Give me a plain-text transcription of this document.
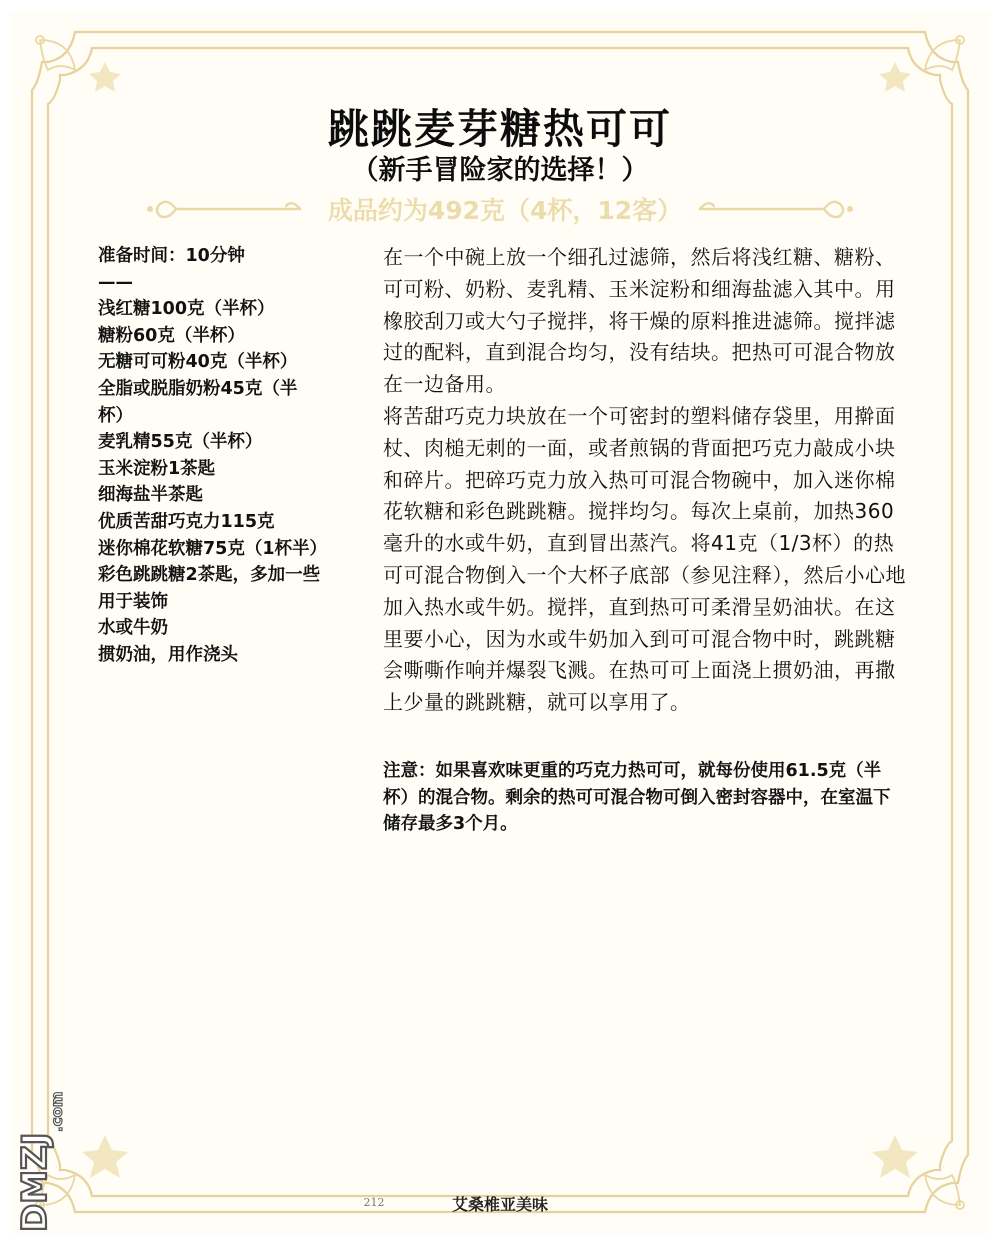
跳跳麦芽糖热可可
（新手冒险家的选择！）
成品约为492克（4杯，12客）
准备时间：10分钟
——
浅红糖100克（半杯）
糖粉60克（半杯）
无糖可可粉40克（半杯）
全脂或脱脂奶粉45克（半杯）
麦乳精55克（半杯）
玉米淀粉1茶匙
细海盐半茶匙
优质苦甜巧克力115克
迷你棉花软糖75克（1杯半）
彩色跳跳糖2茶匙，多加一些用于装饰
水或牛奶
掼奶油，用作浇头

在一个中碗上放一个细孔过滤筛，然后将浅红糖、糖粉、可可粉、奶粉、麦乳精、玉米淀粉和细海盐滤入其中。用橡胶刮刀或大勺子搅拌，将干燥的原料推进滤筛。搅拌滤过的配料，直到混合均匀，没有结块。把热可可混合物放在一边备用。

将苦甜巧克力块放在一个可密封的塑料储存袋里，用擀面杖、肉槌无刺的一面，或者煎锅的背面把巧克力敲成小块和碎片。把碎巧克力放入热可可混合物碗中，加入迷你棉花软糖和彩色跳跳糖。搅拌均匀。每次上桌前，加热360毫升的水或牛奶，直到冒出蒸汽。将41克（1/3杯）的热可可混合物倒入一个大杯子底部（参见注释），然后小心地加入热水或牛奶。搅拌，直到热可可柔滑呈奶油状。在这里要小心，因为水或牛奶加入到可可混合物中时，跳跳糖会嘶嘶作响并爆裂飞溅。在热可可上面浇上掼奶油，再撒上少量的跳跳糖，就可以享用了。

注意：如果喜欢味更重的巧克力热可可，就每份使用61.5克（半杯）的混合物。剩余的热可可混合物可倒入密封容器中，在室温下储存最多3个月。
212	艾桑椎亚美味
DMZJ
.com
